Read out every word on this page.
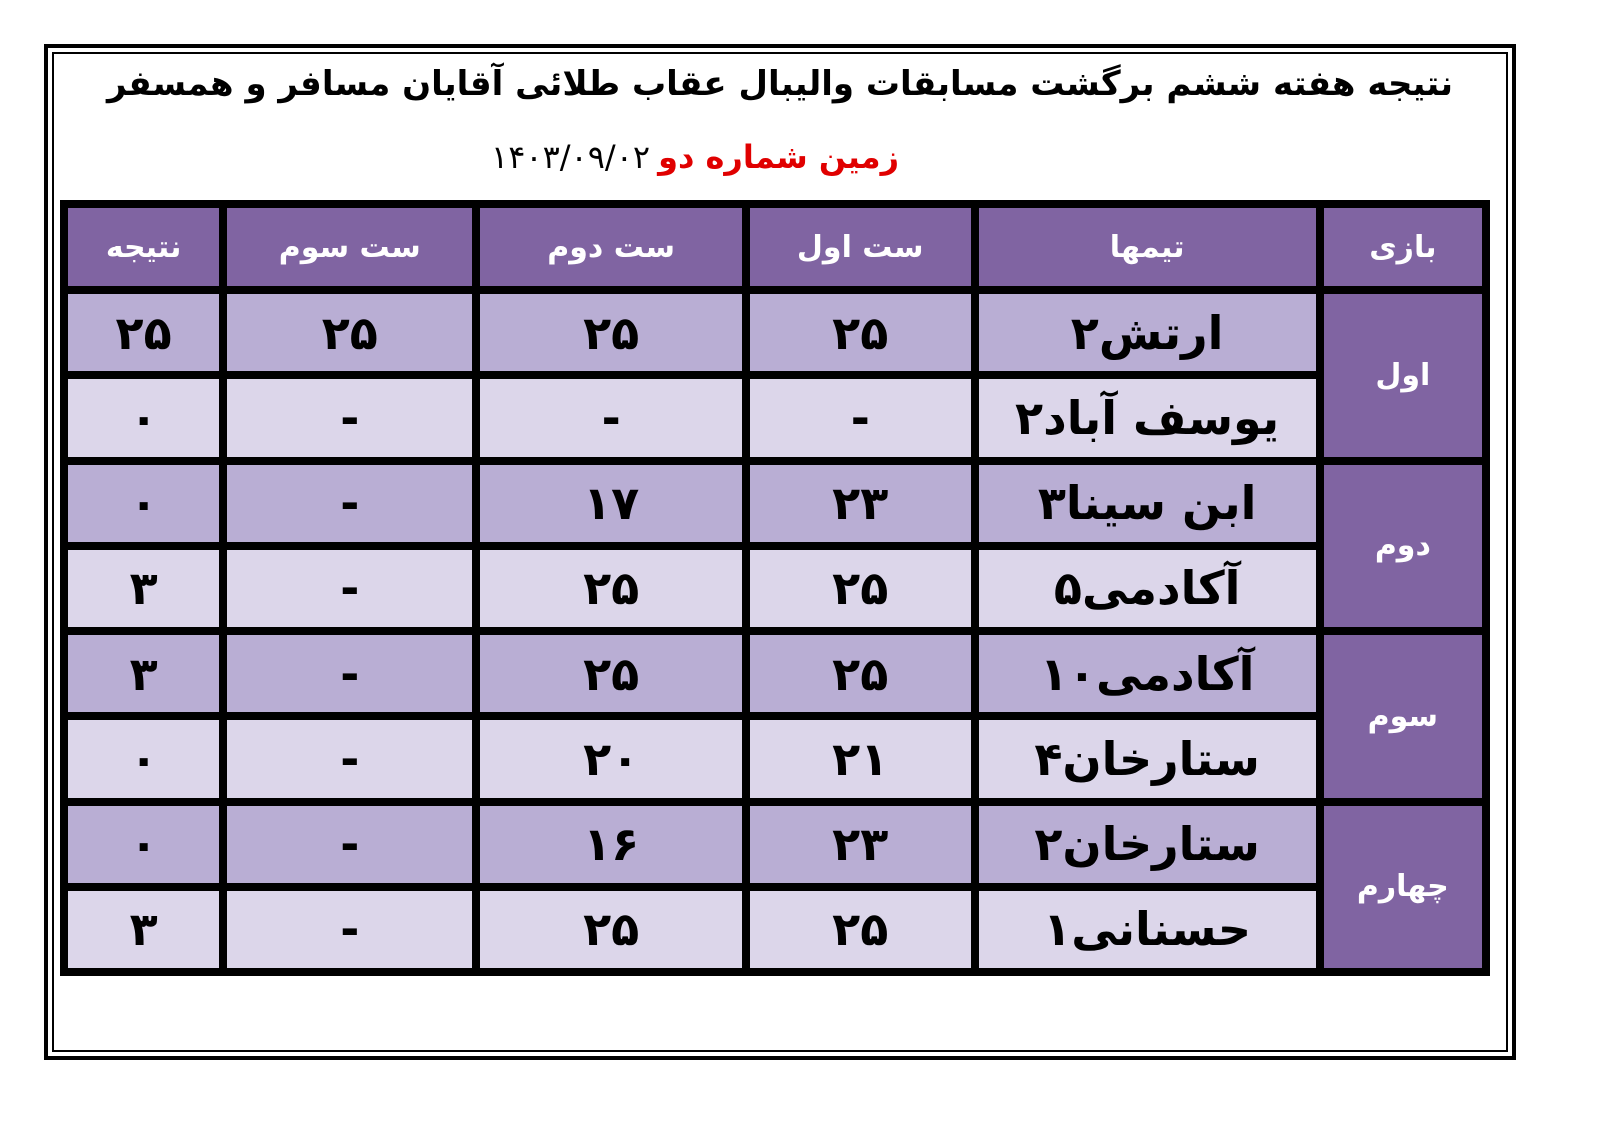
نتیجه هفته ششم برگشت مسابقات والیبال عقاب طلائی آقایان مسافر و همسفر
زمین شماره دو۱۴۰۳/۰۹/۰۲
بازی	تیمها	ست اول	ست دوم	ست سوم	نتیجه
اول	ارتش۲	۲۵	۲۵	۲۵	۲۵
	یوسف آباد۲	-	-	-	۰
دوم	ابن سینا۳	۲۳	۱۷	-	۰
	آکادمی۵	۲۵	۲۵	-	۳
سوم	آکادمی۱۰	۲۵	۲۵	-	۳
	ستارخان۴	۲۱	۲۰	-	۰
چهارم	ستارخان۲	۲۳	۱۶	-	۰
	حسنانی۱	۲۵	۲۵	-	۳
